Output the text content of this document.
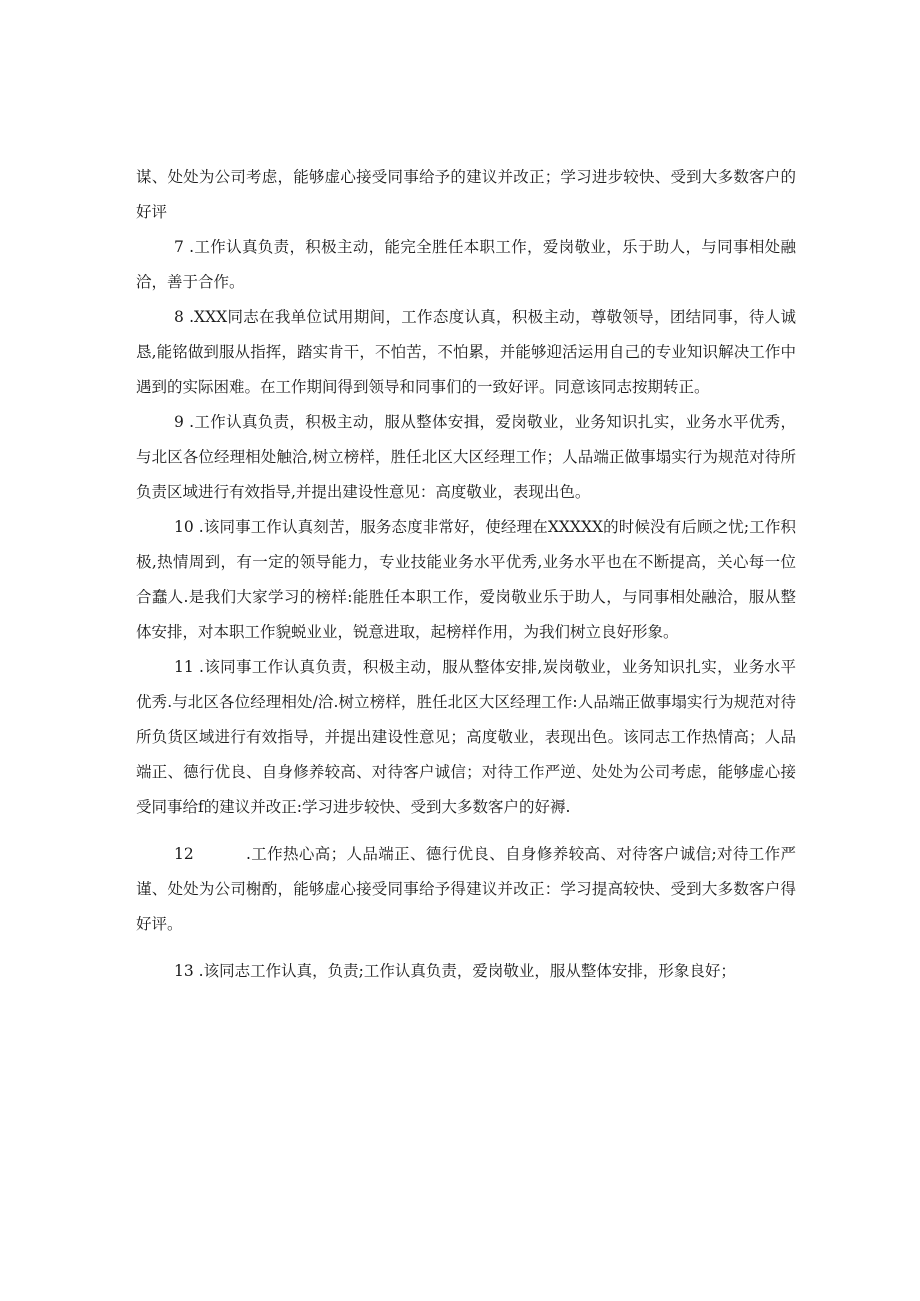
谋、处处为公司考虑，能够虚心接受同事给予的建议并改正；学习进步较快、受到大多数客户的好评

7 .工作认真负责，积极主动，能完全胜任本职工作，爱岗敬业，乐于助人，与同事相处融洽，善于合作。

8 .XXX同志在我单位试用期间，工作态度认真，积极主动，尊敬领导，团结同事，待人诚恳,能铭做到服从指挥，踏实肯干，不怕苦，不怕累，并能够迎活运用自己的专业知识解决工作中遇到的实际困难。在工作期间得到领导和同事们的一致好评。同意该同志按期转正。

9 .工作认真负责，积极主动，服从整体安揖，爱岗敬业，业务知识扎实，业务水平优秀，与北区各位经理相处触洽,树立榜样，胜任北区大区经理工作；人品端正做事塌实行为规范对待所负责区域进行有效指导,并提出建设性意见：高度敬业，表现出色。

10 .该同事工作认真刻苦，服务态度非常好，使经理在XXXXX的时候没有后顾之忧;工作积极,热情周到，有一定的领导能力，专业技能业务水平优秀,业务水平也在不断提高，关心每一位合蠢人.是我们大家学习的榜样:能胜任本职工作，爱岗敬业乐于助人，与同事相处融洽，服从整体安排，对本职工作貌蜕业业，锐意进取，起榜样作用，为我们树立良好形象。

11 .该同事工作认真负责，积极主动，服从整体安排,炭岗敬业，业务知识扎实，业务水平优秀.与北区各位经理相处/洽.树立榜样，胜任北区大区经理工作:人品端正做事塌实行为规范对待所负货区域进行有效指导，并提出建设性意见；高度敬业，表现出色。该同志工作热情高；人品端正、德行优良、自身修养较高、对待客户诚信；对待工作严逆、处处为公司考虑，能够虚心接受同事给f的建议并改正:学习进步较快、受到大多数客户的好褥.

12	.工作热心高；人品端正、德行优良、自身修养较高、对待客户诚信;对待工作严谨、处处为公司榭酌，能够虚心接受同事给予得建议并改正：学习提高较快、受到大多数客户得好评。

13 .该同志工作认真，负责;工作认真负责，爱岗敬业，服从整体安排，形象良好；
